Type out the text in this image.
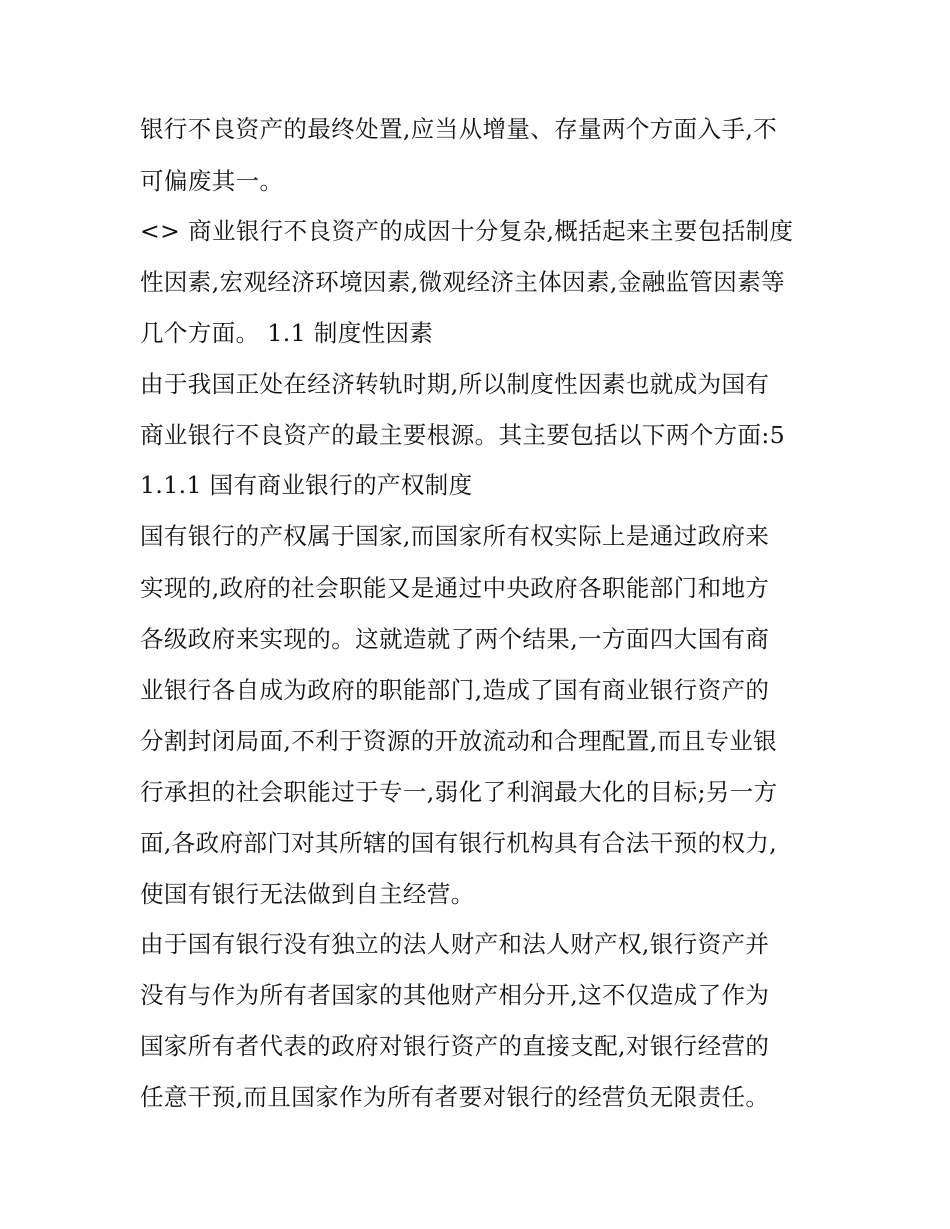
银行不良资产的最终处置,应当从增量、存量两个方面入手,不
可偏废其一。
<> 商业银行不良资产的成因十分复杂,概括起来主要包括制度
性因素,宏观经济环境因素,微观经济主体因素,金融监管因素等
几个方面。 1.1 制度性因素
由于我国正处在经济转轨时期,所以制度性因素也就成为国有
商业银行不良资产的最主要根源。其主要包括以下两个方面:5
1.1.1 国有商业银行的产权制度
国有银行的产权属于国家,而国家所有权实际上是通过政府来
实现的,政府的社会职能又是通过中央政府各职能部门和地方
各级政府来实现的。这就造就了两个结果,一方面四大国有商
业银行各自成为政府的职能部门,造成了国有商业银行资产的
分割封闭局面,不利于资源的开放流动和合理配置,而且专业银
行承担的社会职能过于专一,弱化了利润最大化的目标;另一方
面,各政府部门对其所辖的国有银行机构具有合法干预的权力,
使国有银行无法做到自主经营。
由于国有银行没有独立的法人财产和法人财产权,银行资产并
没有与作为所有者国家的其他财产相分开,这不仅造成了作为
国家所有者代表的政府对银行资产的直接支配,对银行经营的
任意干预,而且国家作为所有者要对银行的经营负无限责任。
